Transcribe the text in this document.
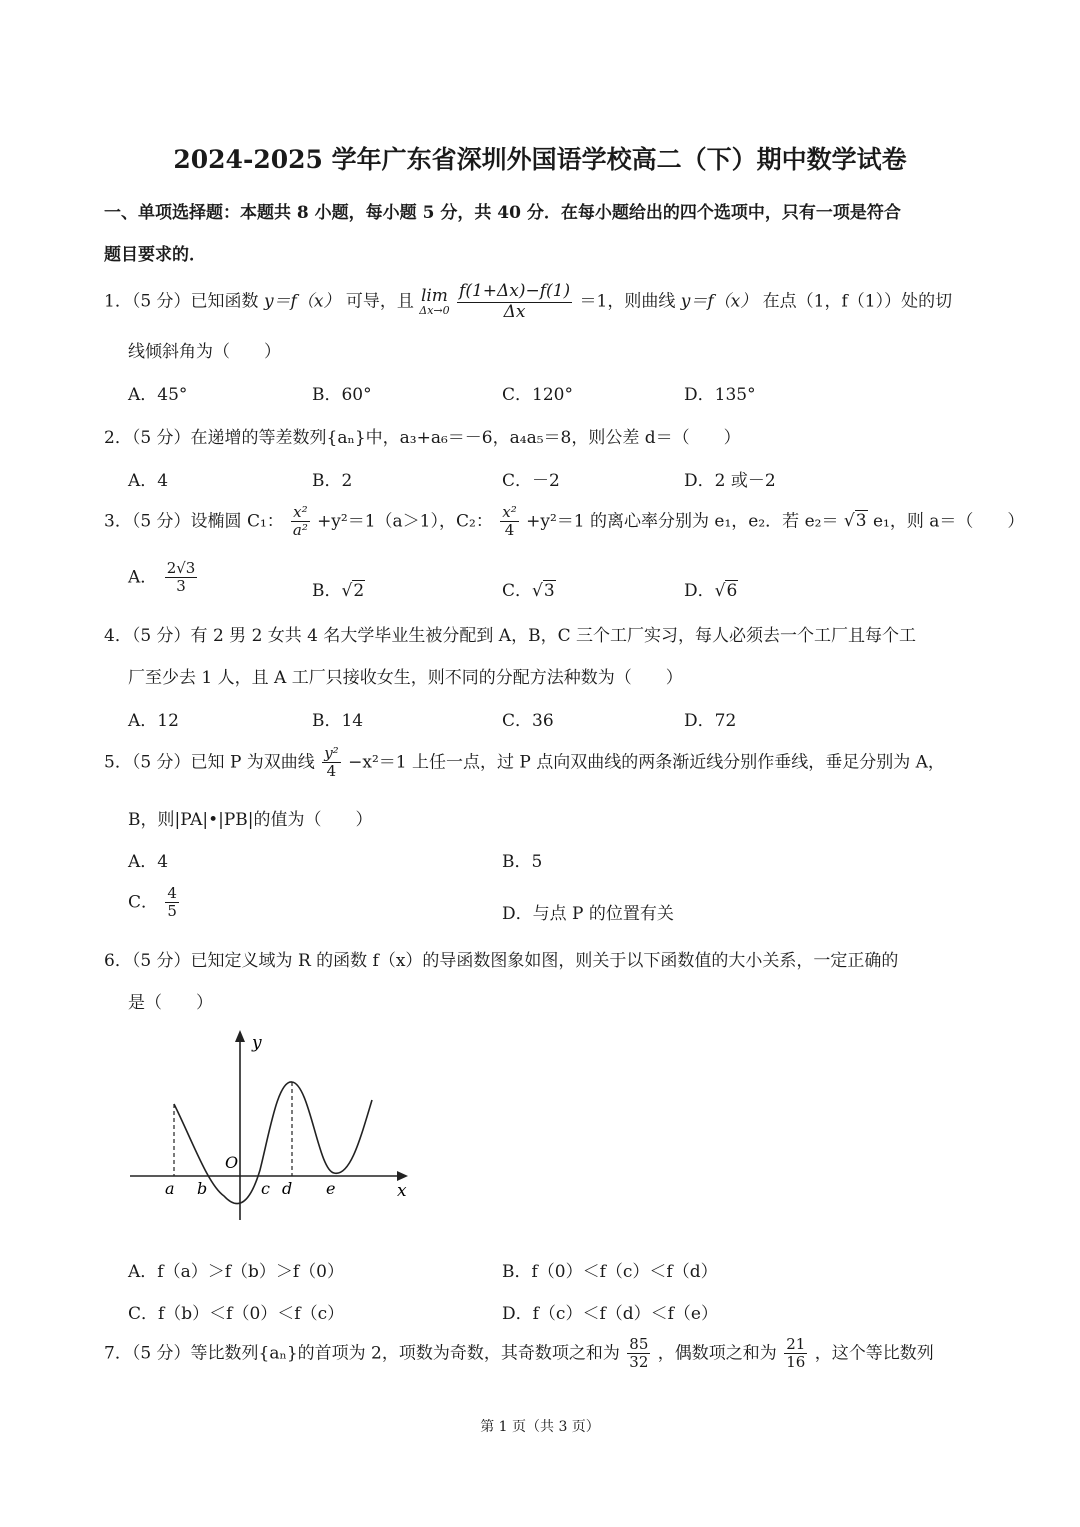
2024-2025 学年广东省深圳外国语学校高二（下）期中数学试卷
一、单项选择题：本题共 8 小题，每小题 5 分，共 40 分．在每小题给出的四个选项中，只有一项是符合
题目要求的．
1．（5 分）已知函数 y＝f（x） 可导，且 lim
Δx→0
$\frac{f(1+\Delta x)-f(1)}{\Delta x} =1$，则曲线 y＝f（x） 在点（1，f（1））处的切
线倾斜角为（　　）
A．45°	B．60°	C．120°	D．135°
2．（5 分）在递增的等差数列{aₙ}中，a₃+a₆＝－6，a₄a₅＝8，则公差 d＝（　　）
A．4	B．2	C．－2	D．2 或－2
3．（5 分）设椭圆 C₁： $\frac{\text{x²}}{\text{a²}} +y^2=1(a>1)$，C₂： $\frac{\text{x²}}{4} +y^2=1$ 的离心率分别为 e₁，e₂．若 e₂＝ √3 e₁，则 a＝（　　）
A． $\frac{2√3}{3}$	B．√2	C．√3	D．√6
4．（5 分）有 2 男 2 女共 4 名大学毕业生被分配到 A，B，C 三个工厂实习，每人必须去一个工厂且每个工
厂至少去 1 人，且 A 工厂只接收女生，则不同的分配方法种数为（　　）
A．12	B．14	C．36	D．72
5．（5 分）已知 P 为双曲线 $\frac{\text{y²}}{4} -x^2=1$ 上任一点，过 P 点向双曲线的两条渐近线分别作垂线，垂足分别为 A，
B，则|PA|•|PB|的值为（　　）
A．4	B．5
C． $\frac{4}{5}$	D．与点 P 的位置有关
6．（5 分）已知定义域为 R 的函数 f（x）的导函数图象如图，则关于以下函数值的大小关系，一定正确的
是（　　）
y
x
O
a b	c d e
A．f（a）＞f（b）＞f（0）	B．f（0）＜f（c）＜f（d）
C．f（b）＜f（0）＜f（c）	D．f（c）＜f（d）＜f（e）
7．（5 分）等比数列{aₙ}的首项为 2，项数为奇数，其奇数项之和为 $\frac{85}{32}$ ，偶数项之和为 $\frac{21}{16}$ ，这个等比数列
第 1 页（共 3 页）
